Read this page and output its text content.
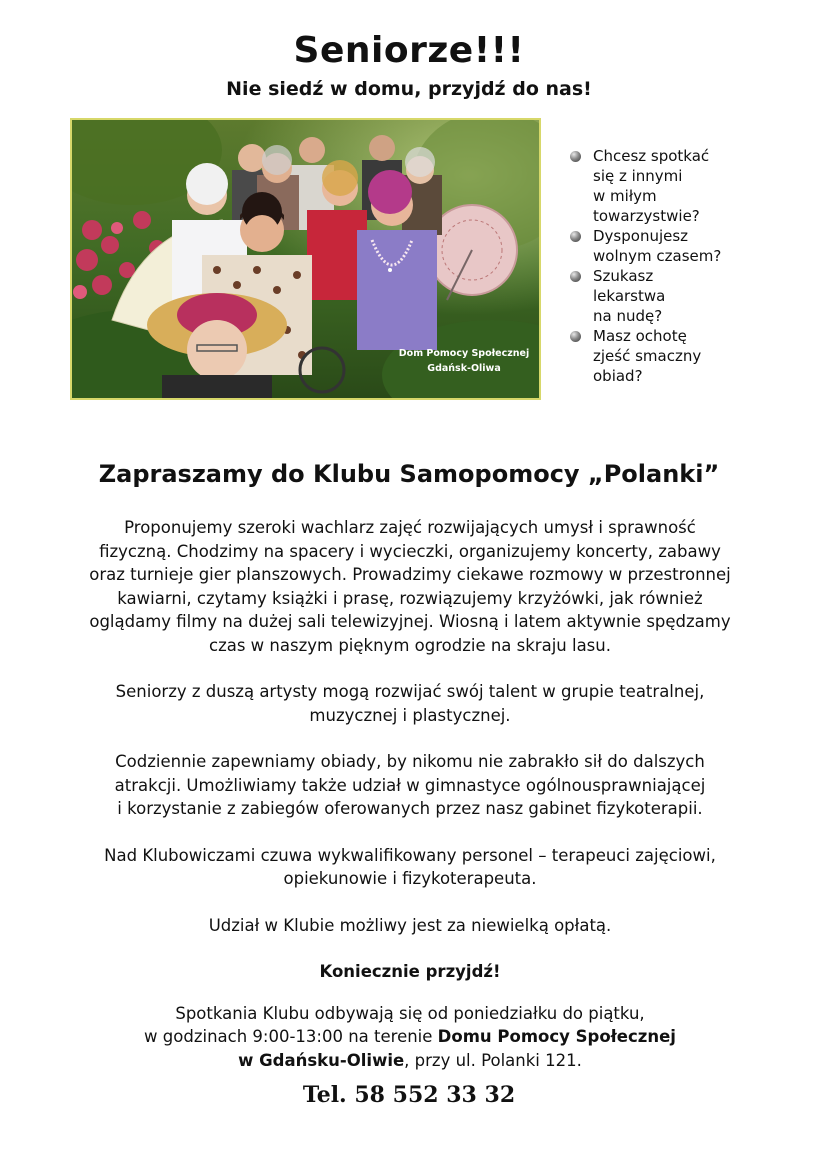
Seniorze!!!
Nie siedź w domu, przyjdź do nas!
Dom Pomocy Społecznej
Gdańsk-Oliwa
Chcesz spotkać
się z innymi
w miłym
towarzystwie?
Dysponujesz
wolnym czasem?
Szukasz
lekarstwa
na nudę?
Masz ochotę
zjeść smaczny
obiad?
Zapraszamy do Klubu Samopomocy „Polanki”

Proponujemy szeroki wachlarz zajęć rozwijających umysł i sprawność
fizyczną. Chodzimy na spacery i wycieczki, organizujemy koncerty, zabawy
oraz turnieje gier planszowych. Prowadzimy ciekawe rozmowy w przestronnej
kawiarni, czytamy książki i prasę, rozwiązujemy krzyżówki, jak również
oglądamy filmy na dużej sali telewizyjnej. Wiosną i latem aktywnie spędzamy
czas w naszym pięknym ogrodzie na skraju lasu.

Seniorzy z duszą artysty mogą rozwijać swój talent w grupie teatralnej,
muzycznej i plastycznej.

Codziennie zapewniamy obiady, by nikomu nie zabrakło sił do dalszych
atrakcji. Umożliwiamy także udział w gimnastyce ogólnousprawniającej
i korzystanie z zabiegów oferowanych przez nasz gabinet fizykoterapii.

Nad Klubowiczami czuwa wykwalifikowany personel – terapeuci zajęciowi,
opiekunowie i fizykoterapeuta.

Udział w Klubie możliwy jest za niewielką opłatą.

Koniecznie przyjdź!

Spotkania Klubu odbywają się od poniedziałku do piątku,
w godzinach 9:00-13:00 na terenie Domu Pomocy Społecznej
w Gdańsku-Oliwie, przy ul. Polanki 121.
Tel. 58 552 33 32
